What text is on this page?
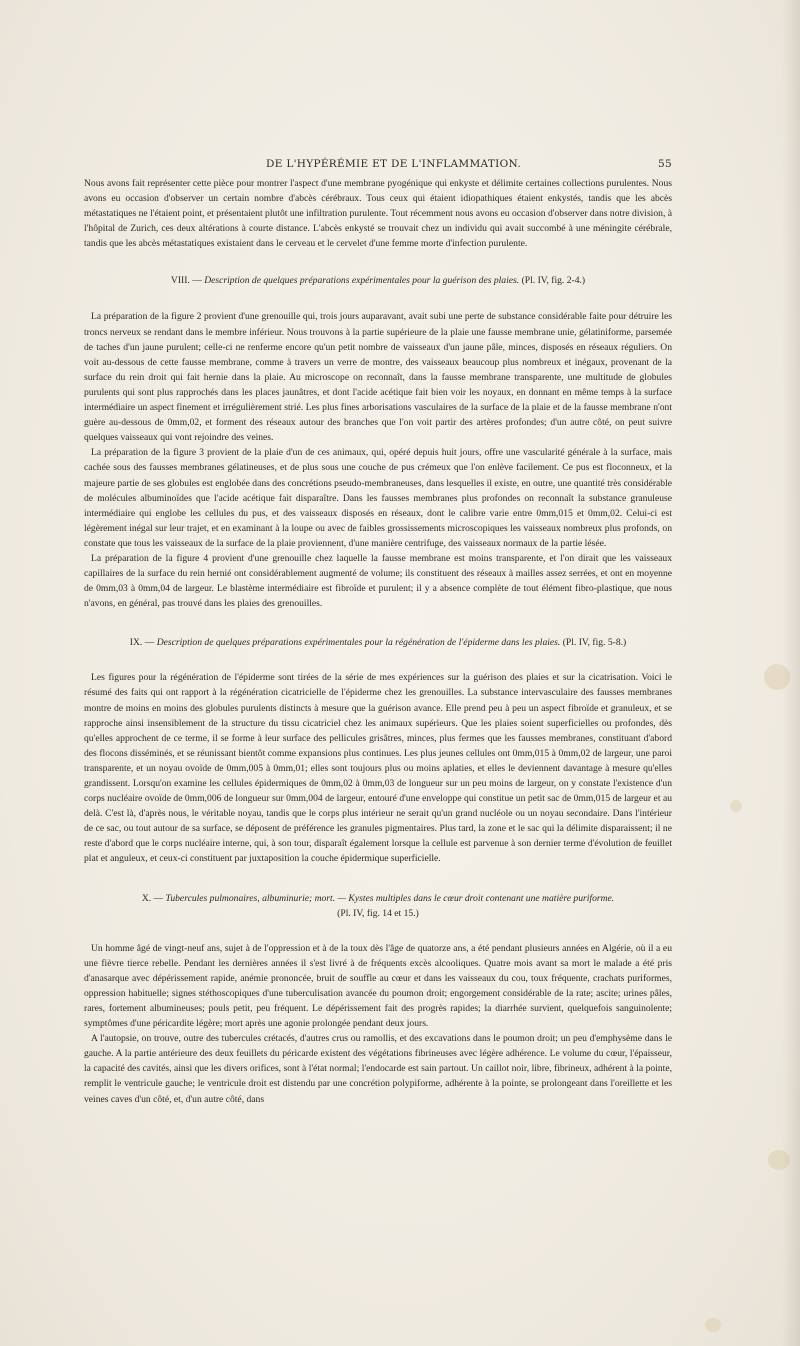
DE L'HYPÉRÉMIE ET DE L'INFLAMMATION.	55

Nous avons fait représenter cette pièce pour montrer l'aspect d'une membrane pyogénique qui enkyste et délimite certaines collections purulentes. Nous avons eu occasion d'observer un certain nombre d'abcès cérébraux. Tous ceux qui étaient idiopathiques étaient enkystés, tandis que les abcès métastatiques ne l'étaient point, et présentaient plutôt une infiltration purulente. Tout récemment nous avons eu occasion d'observer dans notre division, à l'hôpital de Zurich, ces deux altérations à courte distance. L'abcès enkysté se trouvait chez un individu qui avait succombé à une méningite cérébrale, tandis que les abcès métastatiques existaient dans le cerveau et le cervelet d'une femme morte d'infection purulente.

VIII. — Description de quelques préparations expérimentales pour la guérison des plaies. (Pl. IV, fig. 2-4.)

La préparation de la figure 2 provient d'une grenouille qui, trois jours auparavant, avait subi une perte de substance considérable faite pour détruire les troncs nerveux se rendant dans le membre inférieur. Nous trouvons à la partie supérieure de la plaie une fausse membrane unie, gélatiniforme, parsemée de taches d'un jaune purulent; celle-ci ne renferme encore qu'un petit nombre de vaisseaux d'un jaune pâle, minces, disposés en réseaux réguliers. On voit au-dessous de cette fausse membrane, comme à travers un verre de montre, des vaisseaux beaucoup plus nombreux et inégaux, provenant de la surface du rein droit qui fait hernie dans la plaie. Au microscope on reconnaît, dans la fausse membrane transparente, une multitude de globules purulents qui sont plus rapprochés dans les places jaunâtres, et dont l'acide acétique fait bien voir les noyaux, en donnant en même temps à la surface intermédiaire un aspect finement et irrégulièrement strié. Les plus fines arborisations vasculaires de la surface de la plaie et de la fausse membrane n'ont guère au-dessous de 0mm,02, et forment des réseaux autour des branches que l'on voit partir des artères profondes; d'un autre côté, on peut suivre quelques vaisseaux qui vont rejoindre des veines.

La préparation de la figure 3 provient de la plaie d'un de ces animaux, qui, opéré depuis huit jours, offre une vascularité générale à la surface, mais cachée sous des fausses membranes gélatineuses, et de plus sous une couche de pus crémeux que l'on enlève facilement. Ce pus est floconneux, et la majeure partie de ses globules est englobée dans des concrétions pseudo-membraneuses, dans lesquelles il existe, en outre, une quantité très considérable de molécules albuminoïdes que l'acide acétique fait disparaître. Dans les fausses membranes plus profondes on reconnaît la substance granuleuse intermédiaire qui englobe les cellules du pus, et des vaisseaux disposés en réseaux, dont le calibre varie entre 0mm,015 et 0mm,02. Celui-ci est légèrement inégal sur leur trajet, et en examinant à la loupe ou avec de faibles grossissements microscopiques les vaisseaux nombreux plus profonds, on constate que tous les vaisseaux de la surface de la plaie proviennent, d'une manière centrifuge, des vaisseaux normaux de la partie lésée.

La préparation de la figure 4 provient d'une grenouille chez laquelle la fausse membrane est moins transparente, et l'on dirait que les vaisseaux capillaires de la surface du rein hernié ont considérablement augmenté de volume; ils constituent des réseaux à mailles assez serrées, et ont en moyenne de 0mm,03 à 0mm,04 de largeur. Le blastème intermédiaire est fibroïde et purulent; il y a absence complète de tout élément fibro-plastique, que nous n'avons, en général, pas trouvé dans les plaies des grenouilles.

IX. — Description de quelques préparations expérimentales pour la régénération de l'épiderme dans les plaies. (Pl. IV, fig. 5-8.)

Les figures pour la régénération de l'épiderme sont tirées de la série de mes expériences sur la guérison des plaies et sur la cicatrisation. Voici le résumé des faits qui ont rapport à la régénération cicatricielle de l'épiderme chez les grenouilles. La substance intervasculaire des fausses membranes montre de moins en moins des globules purulents distincts à mesure que la guérison avance. Elle prend peu à peu un aspect fibroïde et granuleux, et se rapproche ainsi insensiblement de la structure du tissu cicatriciel chez les animaux supérieurs. Que les plaies soient superficielles ou profondes, dès qu'elles approchent de ce terme, il se forme à leur surface des pellicules grisâtres, minces, plus fermes que les fausses membranes, constituant d'abord des flocons disséminés, et se réunissant bientôt comme expansions plus continues. Les plus jeunes cellules ont 0mm,015 à 0mm,02 de largeur, une paroi transparente, et un noyau ovoïde de 0mm,005 à 0mm,01; elles sont toujours plus ou moins aplaties, et elles le deviennent davantage à mesure qu'elles grandissent. Lorsqu'on examine les cellules épidermiques de 0mm,02 à 0mm,03 de longueur sur un peu moins de largeur, on y constate l'existence d'un corps nucléaire ovoïde de 0mm,006 de longueur sur 0mm,004 de largeur, entouré d'une enveloppe qui constitue un petit sac de 0mm,015 de largeur et au delà. C'est là, d'après nous, le véritable noyau, tandis que le corps plus intérieur ne serait qu'un grand nucléole ou un noyau secondaire. Dans l'intérieur de ce sac, ou tout autour de sa surface, se déposent de préférence les granules pigmentaires. Plus tard, la zone et le sac qui la délimite disparaissent; il ne reste d'abord que le corps nucléaire interne, qui, à son tour, disparaît également lorsque la cellule est parvenue à son dernier terme d'évolution de feuillet plat et anguleux, et ceux-ci constituent par juxtaposition la couche épidermique superficielle.

X. — Tubercules pulmonaires, albuminurie; mort. — Kystes multiples dans le cœur droit contenant une matière puriforme.
(Pl. IV, fig. 14 et 15.)

Un homme âgé de vingt-neuf ans, sujet à de l'oppression et à de la toux dès l'âge de quatorze ans, a été pendant plusieurs années en Algérie, où il a eu une fièvre tierce rebelle. Pendant les dernières années il s'est livré à de fréquents excès alcooliques. Quatre mois avant sa mort le malade a été pris d'anasarque avec dépérissement rapide, anémie prononcée, bruit de souffle au cœur et dans les vaisseaux du cou, toux fréquente, crachats puriformes, oppression habituelle; signes stéthoscopiques d'une tuberculisation avancée du poumon droit; engorgement considérable de la rate; ascite; urines pâles, rares, fortement albumineuses; pouls petit, peu fréquent. Le dépérissement fait des progrès rapides; la diarrhée survient, quelquefois sanguinolente; symptômes d'une péricardite légère; mort après une agonie prolongée pendant deux jours.

A l'autopsie, on trouve, outre des tubercules crétacés, d'autres crus ou ramollis, et des excavations dans le poumon droit; un peu d'emphysème dans le gauche. A la partie antérieure des deux feuillets du péricarde existent des végétations fibrineuses avec légère adhérence. Le volume du cœur, l'épaisseur, la capacité des cavités, ainsi que les divers orifices, sont à l'état normal; l'endocarde est sain partout. Un caillot noir, libre, fibrineux, adhérent à la pointe, remplit le ventricule gauche; le ventricule droit est distendu par une concrétion polypiforme, adhérente à la pointe, se prolongeant dans l'oreillette et les veines caves d'un côté, et, d'un autre côté, dans
